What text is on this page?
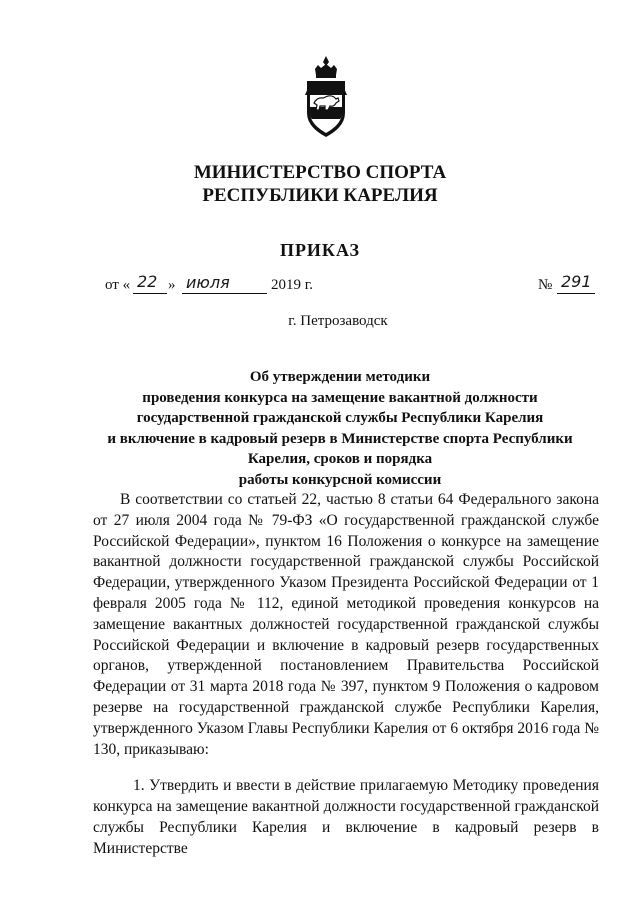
МИНИСТЕРСТВО СПОРТА
РЕСПУБЛИКИ КАРЕЛИЯ
ПРИКАЗ
от « 22 » июля	2019 г.	№ 291
г. Петрозаводск
Об утверждении методики
проведения конкурса на замещение вакантной должности
государственной гражданской службы Республики Карелия
и включение в кадровый резерв в Министерстве спорта Республики
Карелия, сроков и порядка
работы конкурсной комиссии

В соответствии со статьей 22, частью 8 статьи 64 Федерального закона от 27 июля 2004 года № 79-ФЗ «О государственной гражданской службе Российской Федерации», пунктом 16 Положения о конкурсе на замещение вакантной должности государственной гражданской службы Российской Федерации, утвержденного Указом Президента Российской Федерации от 1 февраля 2005 года № 112, единой методикой проведения конкурсов на замещение вакантных должностей государственной гражданской службы Российской Федерации и включение в кадровый резерв государственных органов, утвержденной постановлением Правительства Российской Федерации от 31 марта 2018 года № 397, пунктом 9 Положения о кадровом резерве на государственной гражданской службе Республики Карелия, утвержденного Указом Главы Республики Карелия от 6 октября 2016 года № 130, приказываю:

1. Утвердить и ввести в действие прилагаемую Методику проведения конкурса на замещение вакантной должности государственной гражданской службы Республики Карелия и включение в кадровый резерв в Министерстве
